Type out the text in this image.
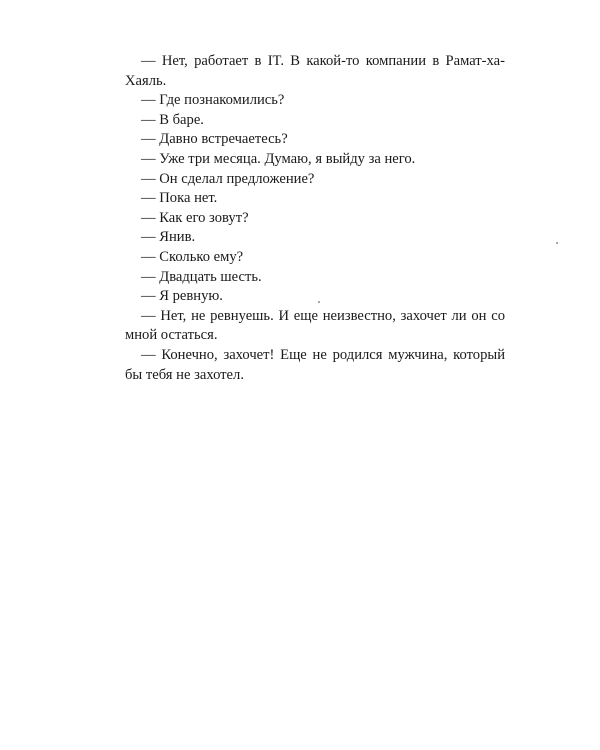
— Нет, работает в IT. В какой-то компании в Рамат-ха-Хаяль.

— Где познакомились?

— В баре.

— Давно встречаетесь?

— Уже три месяца. Думаю, я выйду за него.

— Он сделал предложение?

— Пока нет.

— Как его зовут?

— Янив.

— Сколько ему?

— Двадцать шесть.

— Я ревную.

— Нет, не ревнуешь. И еще неизвестно, захочет ли он со мной остаться.

— Конечно, захочет! Еще не родился мужчина, который бы тебя не захотел.
